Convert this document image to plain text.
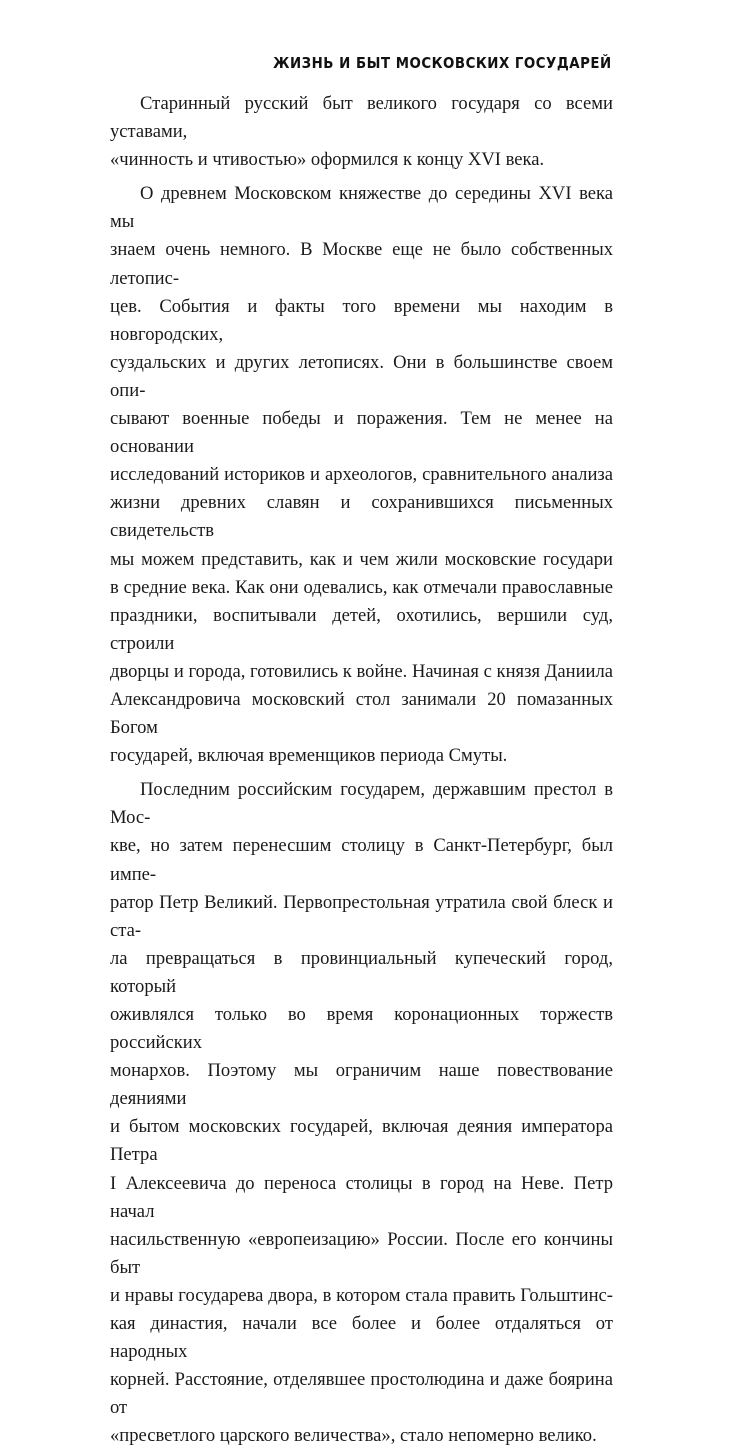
ЖИЗНЬ И БЫТ МОСКОВСКИХ ГОСУДАРЕЙ
Старинный русский быт великого государя со всеми уставами,
«чинность и чтивостью» оформился к концу XVI века.
О древнем Московском княжестве до середины XVI века мы
знаем очень немного. В Москве еще не было собственных летопис-
цев. События и факты того времени мы находим в новгородских,
суздальских и других летописях. Они в большинстве своем опи-
сывают военные победы и поражения. Тем не менее на основании
исследований историков и археологов, сравнительного анализа
жизни древних славян и сохранившихся письменных свидетельств
мы можем представить, как и чем жили московские государи
в средние века. Как они одевались, как отмечали православные
праздники, воспитывали детей, охотились, вершили суд, строили
дворцы и города, готовились к войне. Начиная с князя Даниила
Александровича московский стол занимали 20 помазанных Богом
государей, включая временщиков периода Смуты.
Последним российским государем, державшим престол в Мос-
кве, но затем перенесшим столицу в Санкт-Петербург, был импе-
ратор Петр Великий. Первопрестольная утратила свой блеск и ста-
ла превращаться в провинциальный купеческий город, который
оживлялся только во время коронационных торжеств российских
монархов. Поэтому мы ограничим наше повествование деяниями
и бытом московских государей, включая деяния императора Петра
I Алексеевича до переноса столицы в город на Неве. Петр начал
насильственную «европеизацию» России. После его кончины быт
и нравы государева двора, в котором стала править Гольштинс-
кая династия, начали все более и более отдаляться от народных
корней. Расстояние, отделявшее простолюдина и даже боярина от
«пресветлого царского величества», стало непомерно велико.
